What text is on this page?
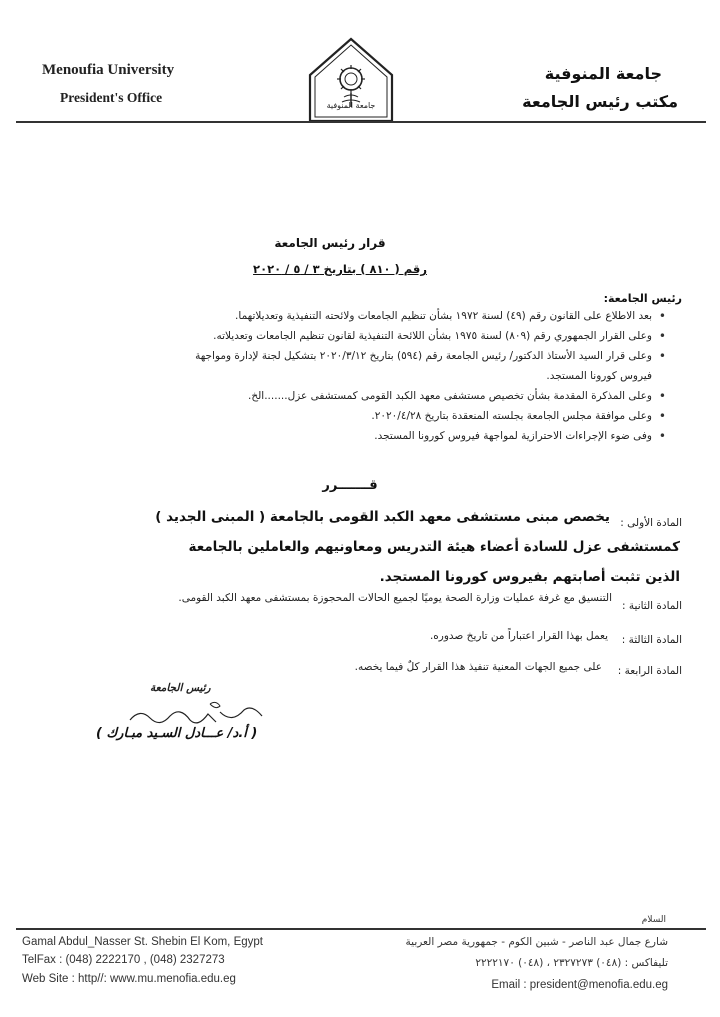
Menoufia University
President's Office
جامعة المنوفية
مكتب رئيس الجامعة
جامعة المنوفية
قرار رئيس الجامعة
رقم ( ٨١٠ ) بتاريخ ٣ / ٥ / ٢٠٢٠
رئيس الجامعة:
• بعد الاطلاع على القانون رقم (٤٩) لسنة ١٩٧٢ بشأن تنظيم الجامعات ولائحته التنفيذية وتعديلاتهما.
• وعلى القرار الجمهوري رقم (٨٠٩) لسنة ١٩٧٥ بشأن اللائحة التنفيذية لقانون تنظيم الجامعات وتعديلاته.
• وعلى قرار السيد الأستاذ الدكتور/ رئيس الجامعة رقم (٥٩٤) بتاريخ ٢٠٢٠/٣/١٢ بتشكيل لجنة لإدارة ومواجهة
فيروس كورونا المستجد.
• وعلى المذكرة المقدمة بشأن تخصيص مستشفى معهد الكبد القومى كمستشفى عزل.......الخ.
• وعلى موافقة مجلس الجامعة بجلسته المنعقدة بتاريخ ٢٠٢٠/٤/٢٨.
• وفى ضوء الإجراءات الاحترازية لمواجهة فيروس كورونا المستجد.
قـــــــرر
المادة الأولى :
يخصص مبنى مستشفى معهد الكبد القومى بالجامعة ( المبنى الجديد )
كمستشفى عزل للسادة أعضاء هيئة التدريس ومعاونيهم والعاملين بالجامعة
الذين تثبت أصابتهم بفيروس كورونا المستجد.
المادة الثانية :
التنسيق مع غرفة عمليات وزارة الصحة يوميًا لجميع الحالات المحجوزة بمستشفى معهد الكبد القومى.
المادة الثالثة :
يعمل بهذا القرار اعتباراً من تاريخ صدوره.
المادة الرابعة :
على جميع الجهات المعنية تنفيذ هذا القرار كلٌ فيما يخصه.
رئيس الجامعة
( أ.د/ عـــادل السـيد مبـارك )
السلام
Gamal Abdul_Nasser St. Shebin El Kom, Egypt
TelFax : (048) 2222170 , (048) 2327273
Web Site : http//: www.mu.menofia.edu.eg
شارع جمال عبد الناصر - شبين الكوم - جمهورية مصر العربية
تليفاكس : (٠٤٨) ٢٣٢٧٢٧٣ ، (٠٤٨) ٢٢٢٢١٧٠
Email : president@menofia.edu.eg
